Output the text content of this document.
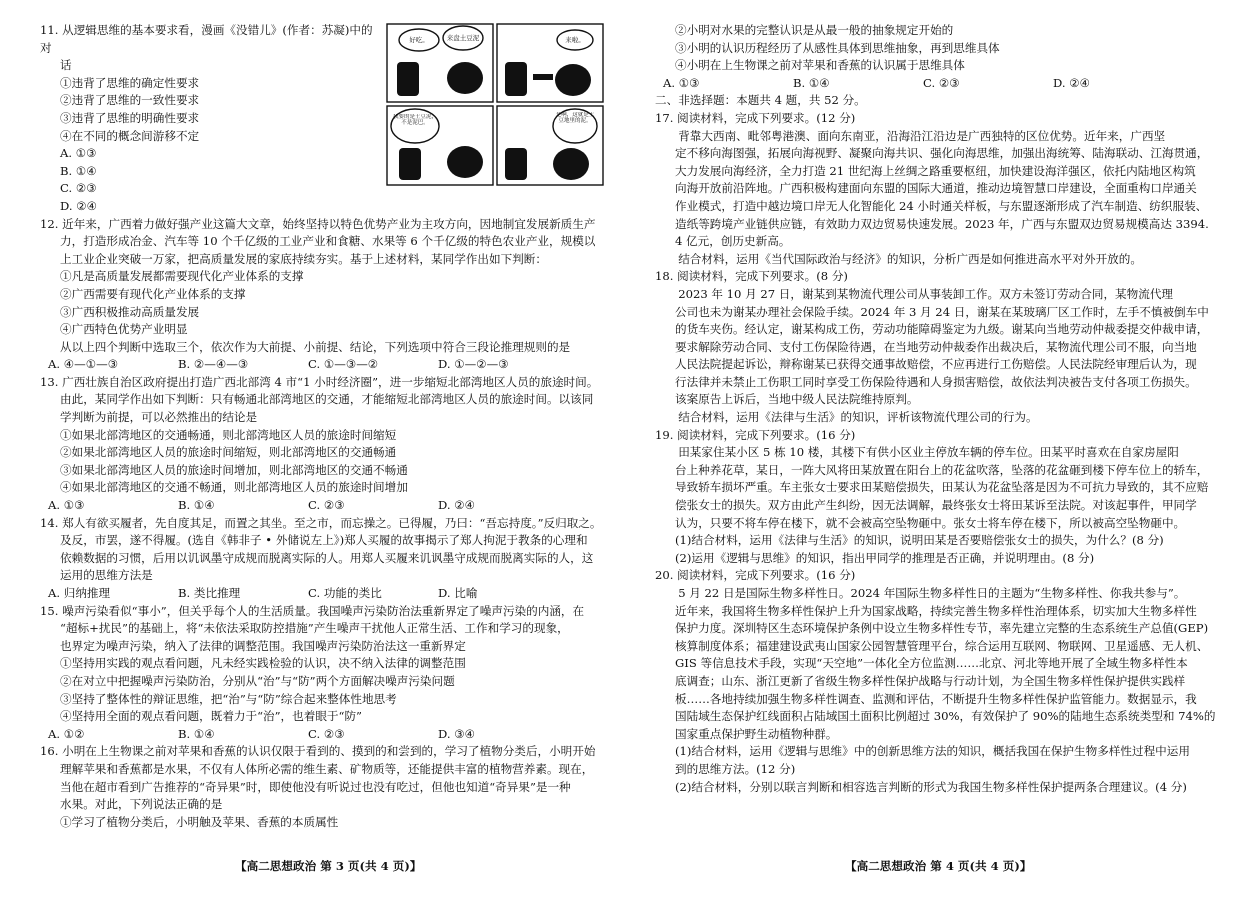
11. 从逻辑思维的基本要求看，漫画《没错儿》(作者：苏凝)中的对

话

①违背了思维的确定性要求

②违背了思维的一致性要求

③违背了思维的明确性要求

④在不同的概念间游移不定

A. ①③

B. ①④

C. ②③

D. ②④

12. 近年来，广西着力做好强产业这篇大文章，始终坚持以特色优势产业为主攻方向，因地制宜发展新质生产

力，打造形成冶金、汽车等 10 个千亿级的工业产业和食糖、水果等 6 个千亿级的特色农业产业，规模以

上工业企业突破一万家，把高质量发展的家底持续夯实。基于上述材料，某同学作出如下判断：

①凡是高质量发展都需要现代化产业体系的支撑

②广西需要有现代化产业体系的支撑

③广西积极推动高质量发展

④广西特色优势产业明显

从以上四个判断中选取三个，依次作为大前提、小前提、结论，下列选项中符合三段论推理规则的是

A. ④—①—③	B. ②—④—③	C. ①—③—②	D. ①—②—③

13. 广西壮族自治区政府提出打造广西北部湾 4 市“1 小时经济圈”，进一步缩短北部湾地区人员的旅途时间。

由此，某同学作出如下判断：只有畅通北部湾地区的交通，才能缩短北部湾地区人员的旅途时间。以该同

学判断为前提，可以必然推出的结论是

①如果北部湾地区的交通畅通，则北部湾地区人员的旅途时间缩短

②如果北部湾地区人员的旅途时间缩短，则北部湾地区的交通畅通

③如果北部湾地区人员的旅途时间增加，则北部湾地区的交通不畅通

④如果北部湾地区的交通不畅通，则北部湾地区人员的旅途时间增加

A. ①③	B. ①④	C. ②③	D. ②④

14. 郑人有欲买履者，先自度其足，而置之其坐。至之市，而忘操之。已得履，乃曰：“吾忘持度。”反归取之。

及反，市罢，遂不得履。(选自《韩非子 • 外储说左上》)郑人买履的故事揭示了郑人拘泥于教条的心理和

依赖数据的习惯，后用以讥讽墨守成规而脱离实际的人。用郑人买履来讥讽墨守成规而脱离实际的人，这

运用的思维方法是

A. 归纳推理	B. 类比推理	C. 功能的类比	D. 比喻

15. 噪声污染看似“事小”，但关乎每个人的生活质量。我国噪声污染防治法重新界定了噪声污染的内涵，在

“超标+扰民”的基础上，将“未依法采取防控措施”产生噪声干扰他人正常生活、工作和学习的现象，

也界定为噪声污染，纳入了法律的调整范围。我国噪声污染防治法这一重新界定

①坚持用实践的观点看问题，凡未经实践检验的认识，决不纳入法律的调整范围

②在对立中把握噪声污染防治，分别从“治”与“防”两个方面解决噪声污染问题

③坚持了整体性的辩证思维，把“治”与“防”综合起来整体性地思考

④坚持用全面的观点看问题，既着力于“治”，也着眼于“防”

A. ①②	B. ①④	C. ②③	D. ③④

16. 小明在上生物课之前对苹果和香蕉的认识仅限于看到的、摸到的和尝到的，学习了植物分类后，小明开始

理解苹果和香蕉都是水果，不仅有人体所必需的维生素、矿物质等，还能提供丰富的植物营养素。现在，

当他在超市看到广告推荐的“奇异果”时，即使他没有听说过也没有吃过，但他也知道“奇异果”是一种

水果。对此，下列说法正确的是

①学习了植物分类后，小明触及苹果、香蕉的本质属性

好吃。	来盘土豆泥	来啦。
我要的是土豆泥，不是泥巴。
是啊，这就是土豆地里的泥。

②小明对水果的完整认识是从最一般的抽象规定开始的

③小明的认识历程经历了从感性具体到思维抽象，再到思维具体

④小明在上生物课之前对苹果和香蕉的认识属于思维具体

A. ①③	B. ①④	C. ②③	D. ②④

二、非选择题：本题共 4 题，共 52 分。

17. 阅读材料，完成下列要求。(12 分)

背靠大西南、毗邻粤港澳、面向东南亚，沿海沿江沿边是广西独特的区位优势。近年来，广西坚

定不移向海图强，拓展向海视野、凝聚向海共识、强化向海思维，加强出海统筹、陆海联动、江海贯通，

大力发展向海经济，全力打造 21 世纪海上丝绸之路重要枢纽，加快建设海洋强区，依托内陆地区构筑

向海开放前沿阵地。广西积极构建面向东盟的国际大通道，推动边境智慧口岸建设，全面重构口岸通关

作业模式，打造中越边境口岸无人化智能化 24 小时通关样板，与东盟逐渐形成了汽车制造、纺织服装、

造纸等跨境产业链供应链，有效助力双边贸易快速发展。2023 年，广西与东盟双边贸易规模高达 3394.

4 亿元，创历史新高。

结合材料，运用《当代国际政治与经济》的知识，分析广西是如何推进高水平对外开放的。

18. 阅读材料，完成下列要求。(8 分)

2023 年 10 月 27 日，谢某到某物流代理公司从事装卸工作。双方未签订劳动合同，某物流代理

公司也未为谢某办理社会保险手续。2024 年 3 月 24 日，谢某在某玻璃厂区工作时，左手不慎被倒车中

的货车夹伤。经认定，谢某构成工伤，劳动功能障碍鉴定为九级。谢某向当地劳动仲裁委提交仲裁申请，

要求解除劳动合同、支付工伤保险待遇，在当地劳动仲裁委作出裁决后，某物流代理公司不服，向当地

人民法院提起诉讼，辩称谢某已获得交通事故赔偿，不应再进行工伤赔偿。人民法院经审理后认为，现

行法律并未禁止工伤职工同时享受工伤保险待遇和人身损害赔偿，故依法判决被告支付各项工伤损失。

该案原告上诉后，当地中级人民法院维持原判。

结合材料，运用《法律与生活》的知识，评析该物流代理公司的行为。

19. 阅读材料，完成下列要求。(16 分)

田某家住某小区 5 栋 10 楼，其楼下有供小区业主停放车辆的停车位。田某平时喜欢在自家房屋阳

台上种养花草，某日，一阵大风将田某放置在阳台上的花盆吹落，坠落的花盆砸到楼下停车位上的轿车，

导致轿车损坏严重。车主张女士要求田某赔偿损失，田某认为花盆坠落是因为不可抗力导致的，其不应赔

偿张女士的损失。双方由此产生纠纷，因无法调解，最终张女士将田某诉至法院。对该起事件，甲同学

认为，只要不将车停在楼下，就不会被高空坠物砸中。张女士将车停在楼下，所以被高空坠物砸中。

(1)结合材料，运用《法律与生活》的知识，说明田某是否要赔偿张女士的损失，为什么？(8 分)

(2)运用《逻辑与思维》的知识，指出甲同学的推理是否正确，并说明理由。(8 分)

20. 阅读材料，完成下列要求。(16 分)

5 月 22 日是国际生物多样性日。2024 年国际生物多样性日的主题为“生物多样性、你我共参与”。

近年来，我国将生物多样性保护上升为国家战略，持续完善生物多样性治理体系，切实加大生物多样性

保护力度。深圳特区生态环境保护条例中设立生物多样性专节，率先建立完整的生态系统生产总值(GEP)

核算制度体系；福建建设武夷山国家公园智慧管理平台，综合运用互联网、物联网、卫星遥感、无人机、

GIS 等信息技术手段，实现“天空地”一体化全方位监测……北京、河北等地开展了全域生物多样性本

底调查；山东、浙江更新了省级生物多样性保护战略与行动计划，为全国生物多样性保护提供实践样

板……各地持续加强生物多样性调查、监测和评估，不断提升生物多样性保护监管能力。数据显示，我

国陆域生态保护红线面积占陆域国土面积比例超过 30%，有效保护了 90%的陆地生态系统类型和 74%的

国家重点保护野生动植物种群。

(1)结合材料，运用《逻辑与思维》中的创新思维方法的知识，概括我国在保护生物多样性过程中运用

到的思维方法。(12 分)

(2)结合材料，分别以联言判断和相容选言判断的形式为我国生物多样性保护提两条合理建议。(4 分)

【高二思想政治 第 3 页(共 4 页)】	【高二思想政治 第 4 页(共 4 页)】
